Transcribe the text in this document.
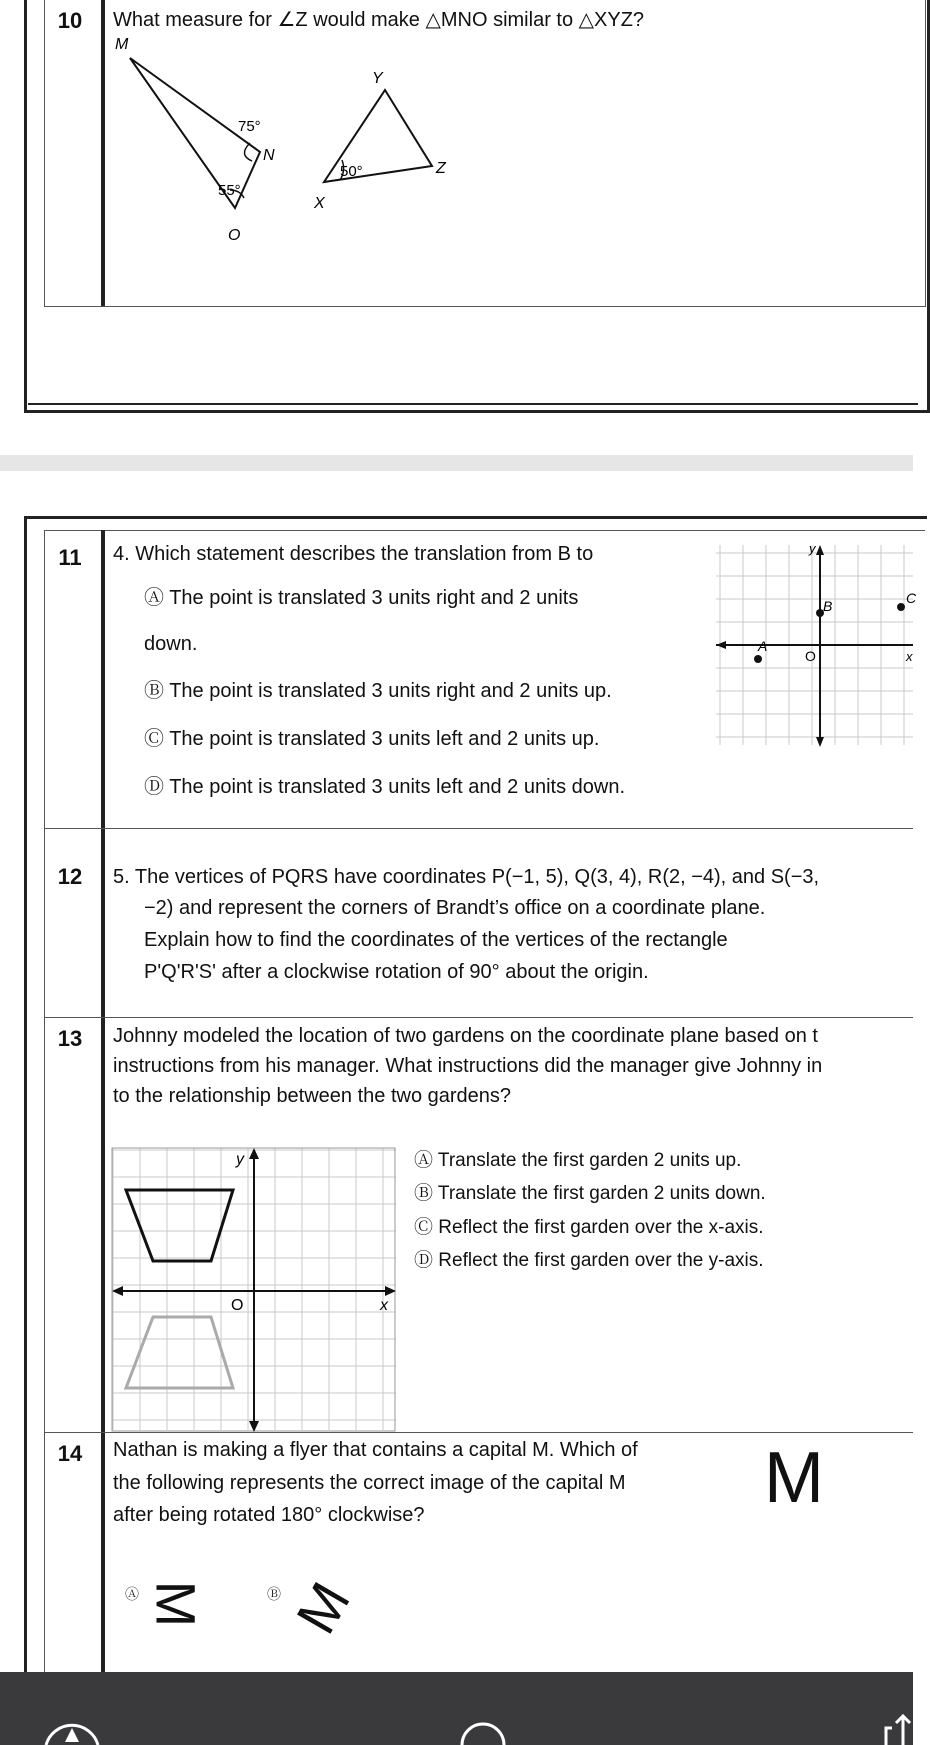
10	What measure for ∠Z would make △MNO similar to △XYZ?
M
N
O
75°
55°
Y
Z
X
50°
11	4. Which statement describes the translation from B to
Ⓐ The point is translated 3 units right and 2 units
down.
Ⓑ The point is translated 3 units right and 2 units up.
Ⓒ The point is translated 3 units left and 2 units up.
Ⓓ The point is translated 3 units left and 2 units down.
y
O
A
B	C
x
12	5. The vertices of PQRS have coordinates P(−1, 5), Q(3, 4), R(2, −4), and S(−3,
−2) and represent the corners of Brandt’s office on a coordinate plane.
Explain how to find the coordinates of the vertices of the rectangle
P'Q'R'S' after a clockwise rotation of 90° about the origin.
13	Johnny modeled the location of two gardens on the coordinate plane based on t
instructions from his manager. What instructions did the manager give Johnny in
to the relationship between the two gardens?
y
O	x
Ⓐ Translate the first garden 2 units up.
Ⓑ Translate the first garden 2 units down.
Ⓒ Reflect the first garden over the x-axis.
Ⓓ Reflect the first garden over the y-axis.
14	Nathan is making a flyer that contains a capital M. Which of
the following represents the correct image of the capital M
after being rotated 180° clockwise?	M
Ⓐ M	Ⓑ M
